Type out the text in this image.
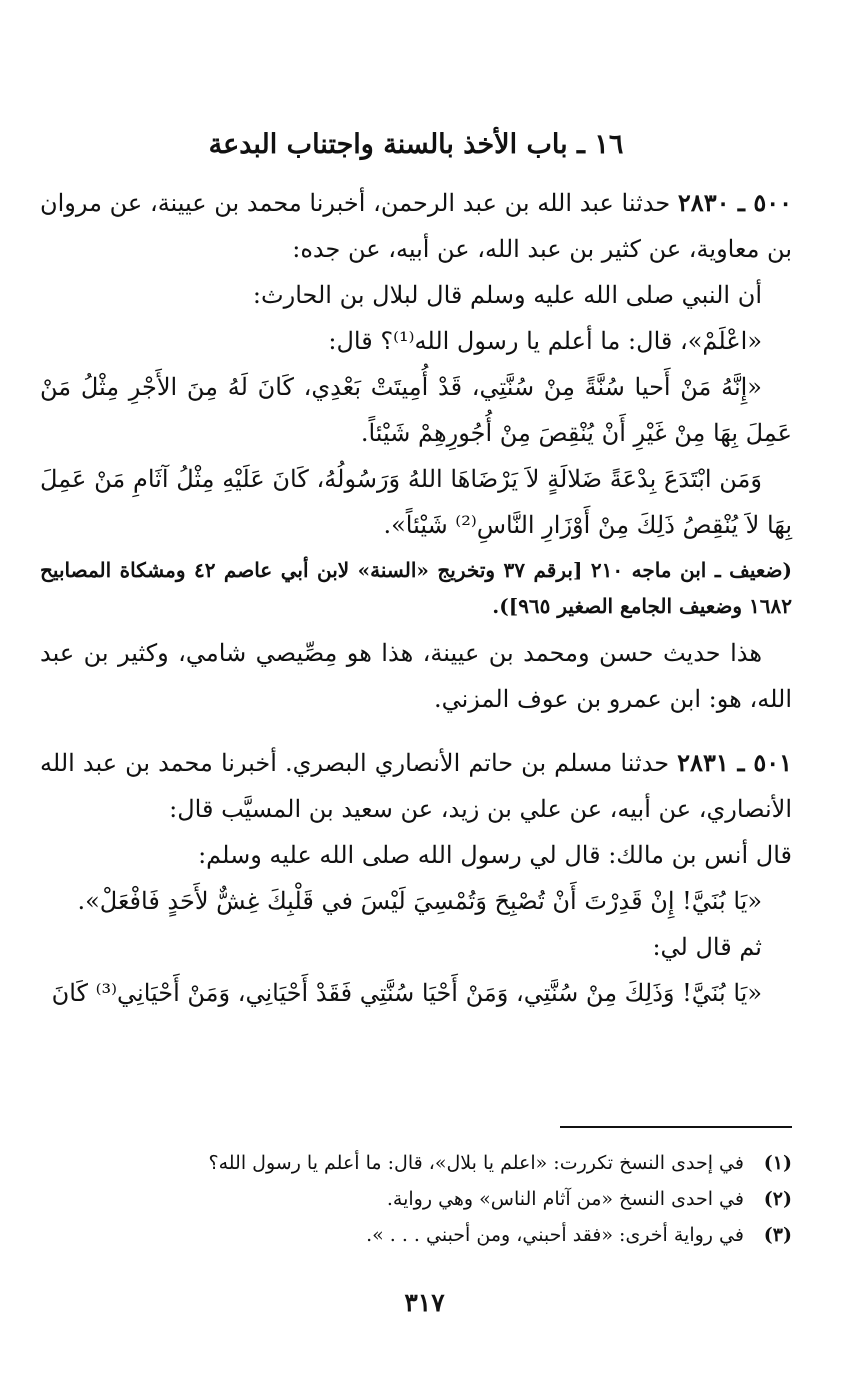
١٦ ـ باب الأخذ بالسنة واجتناب البدعة

٥٠٠ ـ ٢٨٣٠ حدثنا عبد الله بن عبد الرحمن، أخبرنا محمد بن عيينة، عن مروان بن معاوية، عن كثير بن عبد الله، عن أبيه، عن جده:

أن النبي صلى الله عليه وسلم قال لبلال بن الحارث:

«اعْلَمْ»، قال: ما أعلم يا رسول الله⁽¹⁾؟ قال:

«إِنَّهُ مَنْ أَحيا سُنَّةً مِنْ سُنَّتِي، قَدْ أُمِيتَتْ بَعْدِي، كَانَ لَهُ مِنَ الأَجْرِ مِثْلُ مَنْ عَمِلَ بِهَا مِنْ غَيْرِ أَنْ يُنْقِصَ مِنْ أُجُورِهِمْ شَيْئاً.

وَمَن ابْتَدَعَ بِدْعَةً ضَلالَةٍ لاَ يَرْضَاهَا اللهُ وَرَسُولُهُ، كَانَ عَلَيْهِ مِثْلُ آثَامِ مَنْ عَمِلَ بِهَا لاَ يُنْقِصُ ذَلِكَ مِنْ أَوْزَارِ النَّاسِ⁽²⁾ شَيْئاً».

(ضعيف ـ ابن ماجه ٢١٠ [برقم ٣٧ وتخريج «السنة» لابن أبي عاصم ٤٢ ومشكاة المصابيح ١٦٨٢ وضعيف الجامع الصغير ٩٦٥]).

هذا حديث حسن ومحمد بن عيينة، هذا هو مِصِّيصي شامي، وكثير بن عبد الله، هو: ابن عمرو بن عوف المزني.

٥٠١ ـ ٢٨٣١ حدثنا مسلم بن حاتم الأنصاري البصري. أخبرنا محمد بن عبد الله الأنصاري، عن أبيه، عن علي بن زيد، عن سعيد بن المسيَّب قال:

قال أنس بن مالك: قال لي رسول الله صلى الله عليه وسلم:

«يَا بُنَيَّ! إِنْ قَدِرْتَ أَنْ تُصْبِحَ وَتُمْسِيَ لَيْسَ في قَلْبِكَ غِشٌّ لأَحَدٍ فَافْعَلْ».

ثم قال لي:

«يَا بُنَيَّ! وَذَلِكَ مِنْ سُنَّتِي، وَمَنْ أَحْيَا سُنَّتِي فَقَدْ أَحْيَانِي، وَمَنْ أَحْيَانِي⁽³⁾ كَانَ

(١) في إحدى النسخ تكررت: «اعلم يا بلال»، قال: ما أعلم يا رسول الله؟

(٢) في احدى النسخ «من آثام الناس» وهي رواية.

(٣) في رواية أخرى: «فقد أحبني، ومن أحبني . . . ».

٣١٧
